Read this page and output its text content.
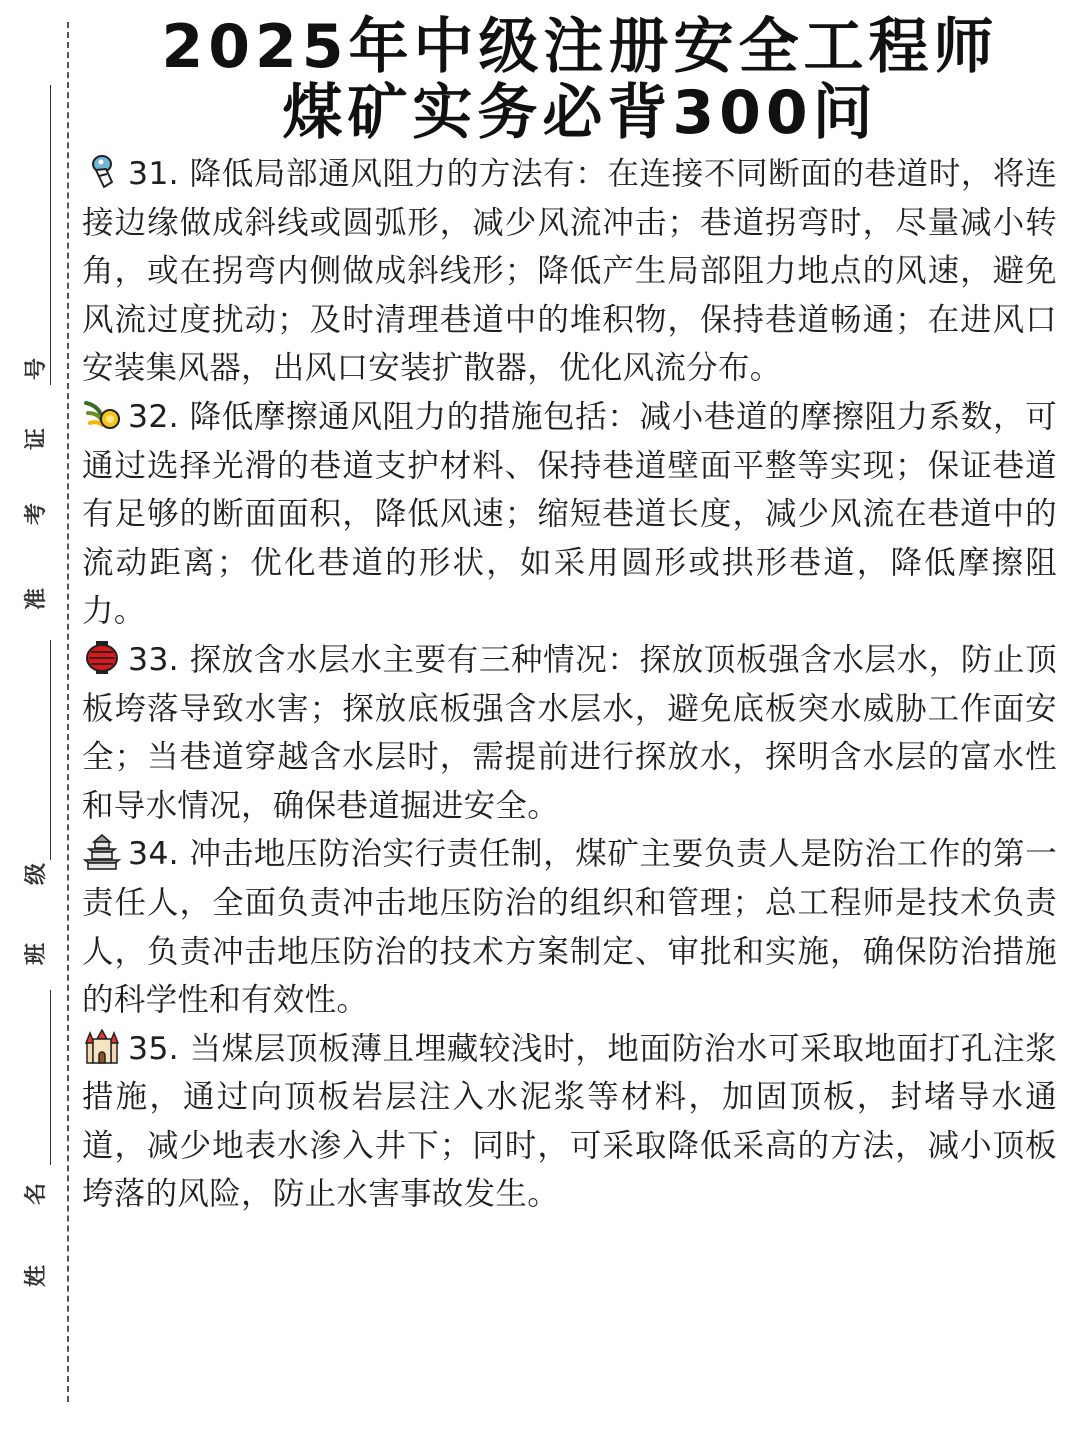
号
证
考
准
级
班
名
姓
2025年中级注册安全工程师
煤矿实务必背300问

31. 降低局部通风阻力的方法有：在连接不同断面的巷道时，将连接边缘做成斜线或圆弧形，减少风流冲击；巷道拐弯时，尽量减小转角，或在拐弯内侧做成斜线形；降低产生局部阻力地点的风速，避免风流过度扰动；及时清理巷道中的堆积物，保持巷道畅通；在进风口安装集风器，出风口安装扩散器，优化风流分布。

32. 降低摩擦通风阻力的措施包括：减小巷道的摩擦阻力系数，可通过选择光滑的巷道支护材料、保持巷道壁面平整等实现；保证巷道有足够的断面面积，降低风速；缩短巷道长度，减少风流在巷道中的流动距离；优化巷道的形状，如采用圆形或拱形巷道，降低摩擦阻力。

33. 探放含水层水主要有三种情况：探放顶板强含水层水，防止顶板垮落导致水害；探放底板强含水层水，避免底板突水威胁工作面安全；当巷道穿越含水层时，需提前进行探放水，探明含水层的富水性和导水情况，确保巷道掘进安全。

34. 冲击地压防治实行责任制，煤矿主要负责人是防治工作的第一责任人，全面负责冲击地压防治的组织和管理；总工程师是技术负责人，负责冲击地压防治的技术方案制定、审批和实施，确保防治措施的科学性和有效性。

35. 当煤层顶板薄且埋藏较浅时，地面防治水可采取地面打孔注浆措施，通过向顶板岩层注入水泥浆等材料，加固顶板，封堵导水通道，减少地表水渗入井下；同时，可采取降低采高的方法，减小顶板垮落的风险，防止水害事故发生。
